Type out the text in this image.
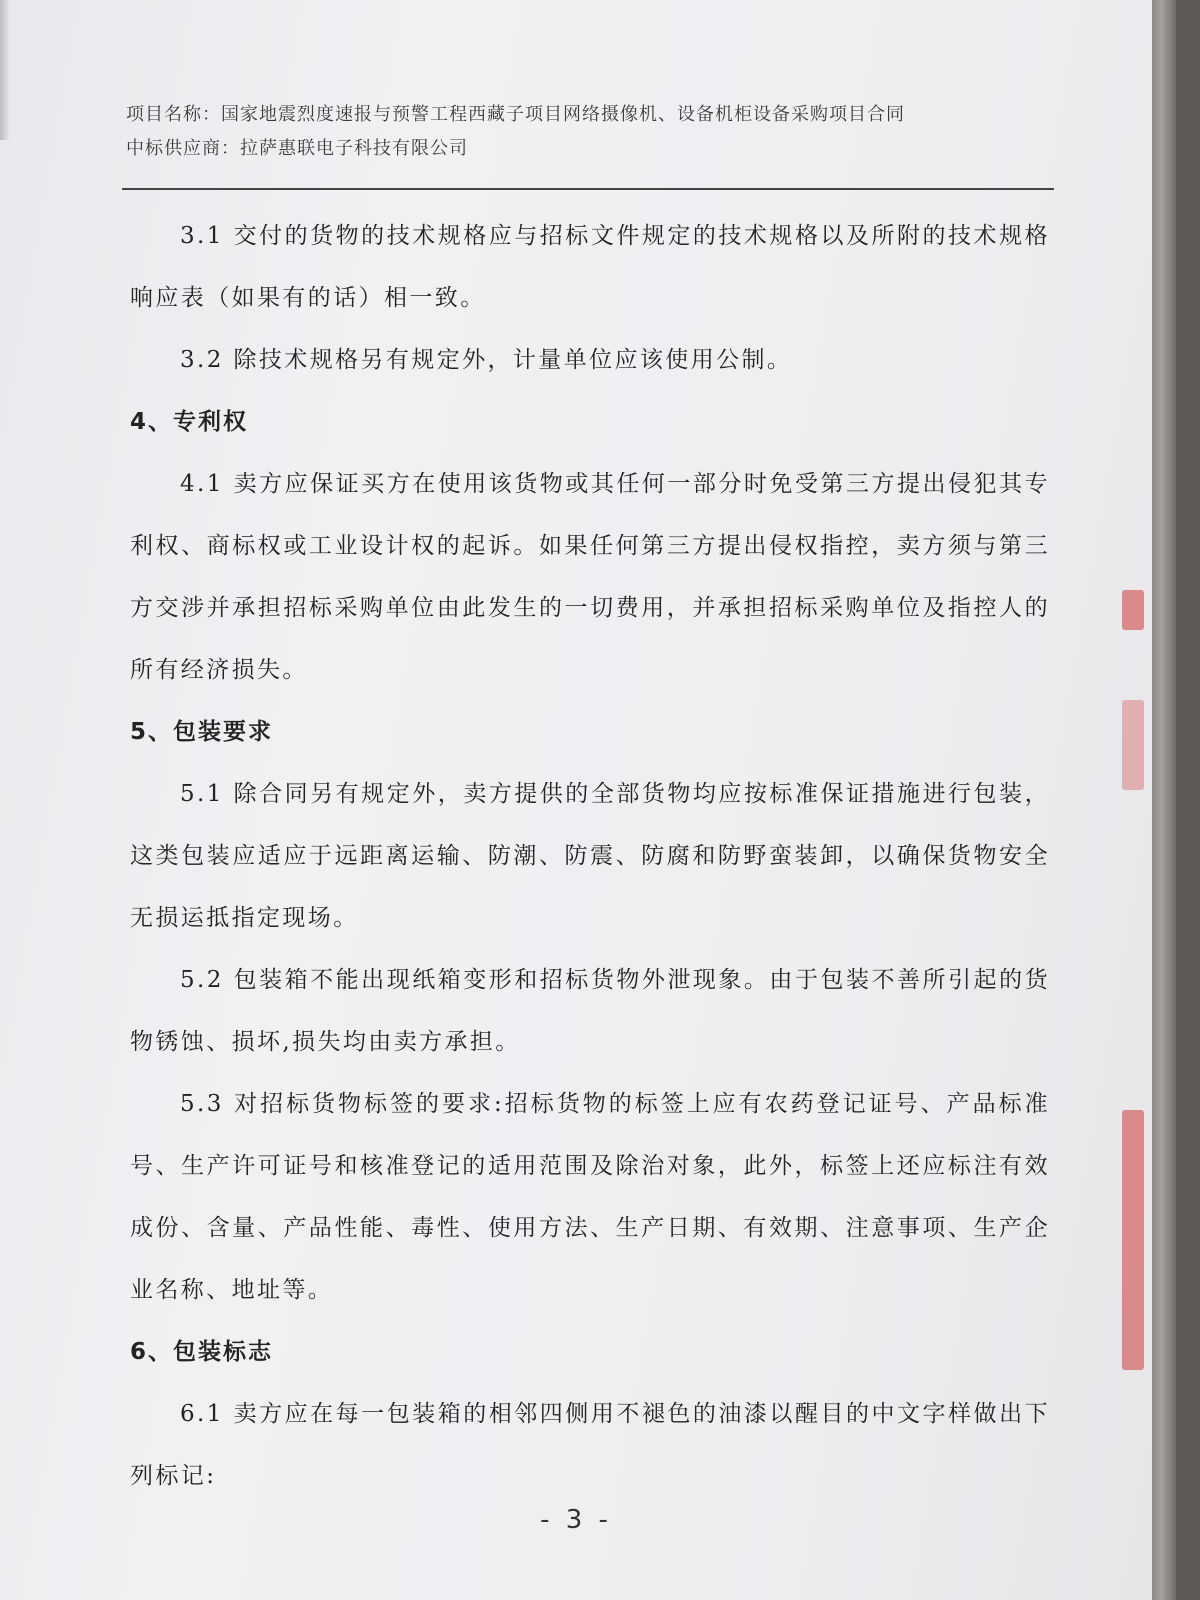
项目名称：国家地震烈度速报与预警工程西藏子项目网络摄像机、设备机柜设备采购项目合同
中标供应商：拉萨惠联电子科技有限公司

3.1 交付的货物的技术规格应与招标文件规定的技术规格以及所附的技术规格响应表（如果有的话）相一致。

3.2 除技术规格另有规定外，计量单位应该使用公制。

4、专利权

4.1 卖方应保证买方在使用该货物或其任何一部分时免受第三方提出侵犯其专利权、商标权或工业设计权的起诉。如果任何第三方提出侵权指控，卖方须与第三方交涉并承担招标采购单位由此发生的一切费用，并承担招标采购单位及指控人的所有经济损失。

5、包装要求

5.1 除合同另有规定外，卖方提供的全部货物均应按标准保证措施进行包装，这类包装应适应于远距离运输、防潮、防震、防腐和防野蛮装卸，以确保货物安全无损运抵指定现场。

5.2 包装箱不能出现纸箱变形和招标货物外泄现象。由于包装不善所引起的货物锈蚀、损坏,损失均由卖方承担。

5.3 对招标货物标签的要求:招标货物的标签上应有农药登记证号、产品标准号、生产许可证号和核准登记的适用范围及除治对象，此外，标签上还应标注有效成份、含量、产品性能、毒性、使用方法、生产日期、有效期、注意事项、生产企业名称、地址等。

6、包装标志

6.1 卖方应在每一包装箱的相邻四侧用不褪色的油漆以醒目的中文字样做出下列标记:

- 3 -
